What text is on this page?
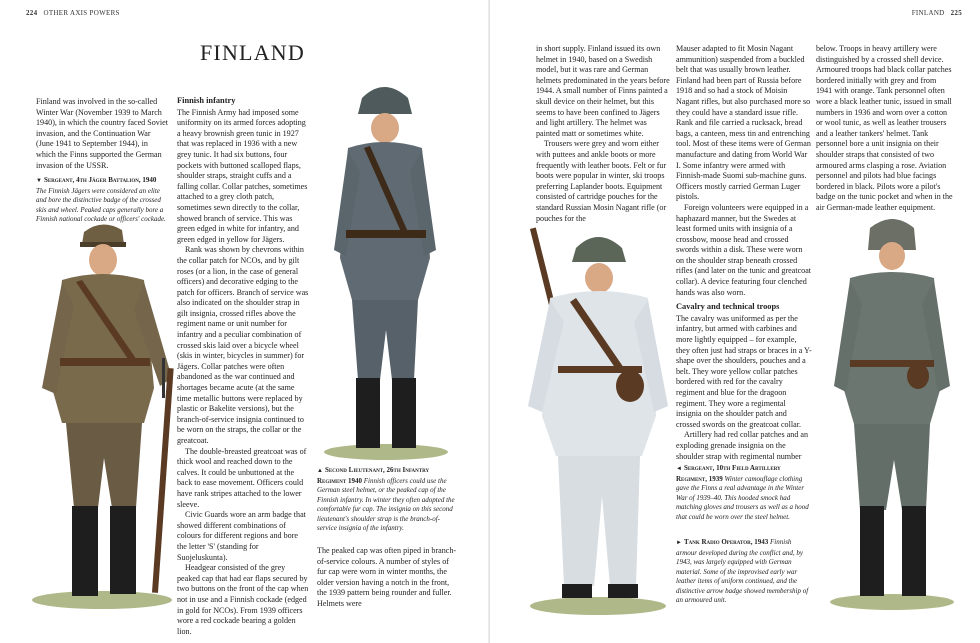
224 OTHER AXIS POWERS
FINLAND

Finland was involved in the so-called Winter War (November 1939 to March 1940), in which the country faced Soviet invasion, and the Continuation War (June 1941 to September 1944), in which the Finns supported the German invasion of the USSR.

▼ Sergeant, 4th Jäger Battalion, 1940
The Finnish Jägers were considered an elite and bore the distinctive badge of the crossed skis and wheel. Peaked caps generally bore a Finnish national cockade or officers' cockade.
Finnish infantry

The Finnish Army had imposed some uniformity on its armed forces adopting a heavy brownish green tunic in 1927 that was replaced in 1936 with a new grey tunic. It had six buttons, four pockets with buttoned scalloped flaps, shoulder straps, straight cuffs and a falling collar. Collar patches, sometimes attached to a grey cloth patch, sometimes sewn directly to the collar, showed branch of service. This was green edged in white for infantry, and green edged in yellow for Jägers.

Rank was shown by chevrons within the collar patch for NCOs, and by gilt roses (or a lion, in the case of general officers) and decorative edging to the patch for officers. Branch of service was also indicated on the shoulder strap in gilt insignia, crossed rifles above the regiment name or unit number for infantry and a peculiar combination of crossed skis laid over a bicycle wheel (skis in winter, bicycles in summer) for Jägers. Collar patches were often abandoned as the war continued and shortages became acute (at the same time metallic buttons were replaced by plastic or Bakelite versions), but the branch-of-service insignia continued to be worn on the straps, the collar or the greatcoat.

The double-breasted greatcoat was of thick wool and reached down to the calves. It could be unbuttoned at the back to ease movement. Officers could have rank stripes attached to the lower sleeve.

Civic Guards wore an arm badge that showed different combinations of colours for different regions and bore the letter 'S' (standing for Suojeluskunta).

Headgear consisted of the grey peaked cap that had ear flaps secured by two buttons on the front of the cap when not in use and a Finnish cockade (edged in gold for NCOs). From 1939 officers wore a red cockade bearing a golden lion.

▲ Second Lieutenant, 26th Infantry Regiment 1940 Finnish officers could use the German steel helmet, or the peaked cap of the Finnish infantry. In winter they often adopted the comfortable fur cap. The insignia on this second lieutenant's shoulder strap is the branch-of-service insignia of the infantry.

The peaked cap was often piped in branch-of-service colours. A number of styles of fur cap were worn in winter months, the older version having a notch in the front, the 1939 pattern being rounder and fuller. Helmets were

FINLAND 225

in short supply. Finland issued its own helmet in 1940, based on a Swedish model, but it was rare and German helmets predominated in the years before 1944. A small number of Finns painted a skull device on their helmet, but this seems to have been confined to Jägers and light artillery. The helmet was painted matt or sometimes white.

Trousers were grey and worn either with puttees and ankle boots or more frequently with leather boots. Felt or fur boots were popular in winter, ski troops preferring Laplander boots. Equipment consisted of cartridge pouches for the standard Russian Mosin Nagant rifle (or pouches for the

Mauser adapted to fit Mosin Nagant ammunition) suspended from a buckled belt that was usually brown leather. Finland had been part of Russia before 1918 and so had a stock of Moisin Nagant rifles, but also purchased more so they could have a standard issue rifle. Rank and file carried a rucksack, bread bags, a canteen, mess tin and entrenching tool. Most of these items were of German manufacture and dating from World War I. Some infantry were armed with Finnish-made Suomi sub-machine guns. Officers mostly carried German Luger pistols.

Foreign volunteers were equipped in a haphazard manner, but the Swedes at least formed units with insignia of a crossbow, moose head and crossed swords within a disk. These were worn on the shoulder strap beneath crossed rifles (and later on the tunic and greatcoat collar). A device featuring four clenched hands was also worn.

Cavalry and technical troops

The cavalry was uniformed as per the infantry, but armed with carbines and more lightly equipped – for example, they often just had straps or braces in a Y-shape over the shoulders, pouches and a belt. They wore yellow collar patches bordered with red for the cavalry regiment and blue for the dragoon regiment. They wore a regimental insignia on the shoulder patch and crossed swords on the greatcoat collar.

Artillery had red collar patches and an exploding grenade insignia on the shoulder strap with regimental number

◄ Sergeant, 10th Field Artillery Regiment, 1939 Winter camouflage clothing gave the Finns a real advantage in the Winter War of 1939–40. This hooded smock had matching gloves and trousers as well as a hood that could be worn over the steel helmet.
► Tank Radio Operator, 1943 Finnish armour developed during the conflict and, by 1943, was largely equipped with German material. Some of the improvised early war leather items of uniform continued, and the distinctive arrow badge showed membership of an armoured unit.

below. Troops in heavy artillery were distinguished by a crossed shell device. Armoured troops had black collar patches bordered initially with grey and from 1941 with orange. Tank personnel often wore a black leather tunic, issued in small numbers in 1936 and worn over a cotton or wool tunic, as well as leather trousers and a leather tankers' helmet. Tank personnel bore a unit insignia on their shoulder straps that consisted of two armoured arms clasping a rose. Aviation personnel and pilots had blue facings bordered in black. Pilots wore a pilot's badge on the tunic pocket and when in the air German-made leather equipment.
